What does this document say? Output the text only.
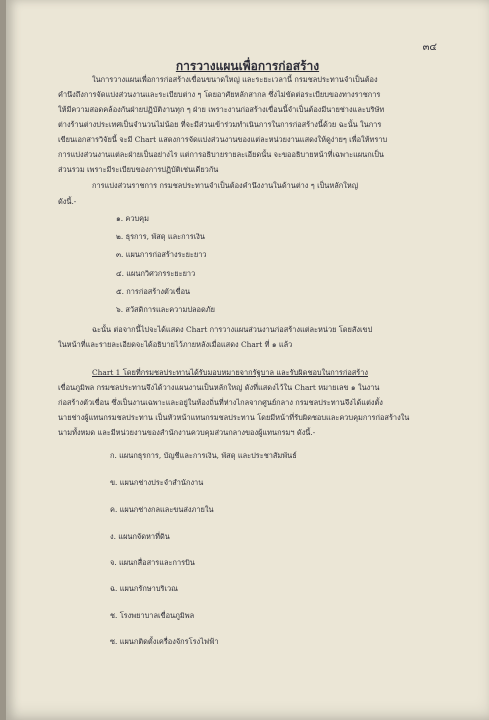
๓๔
การวางแผนเพื่อการก่อสร้าง
ในการวางแผนเพื่อการก่อสร้างเขื่อนขนาดใหญ่ และระยะเวลานี้ กรมชลประทานจำเป็นต้อง
คำนึงถึงการจัดแบ่งส่วนงานและระเบียบต่าง ๆ โดยอาศัยหลักสากล ซึ่งไม่ขัดต่อระเบียบของทางราชการ
ให้มีความสอดคล้องกันฝ่ายปฏิบัติงานทุก ๆ ฝ่าย เพราะงานก่อสร้างเขื่อนนี้จำเป็นต้องมีนายช่างและบริษัท
ต่างร้านต่างประเทศเป็นจำนวนไม่น้อย ที่จะมีส่วนเข้าร่วมทำเนินการในการก่อสร้างนี้ด้วย ฉะนั้น ในการ
เขียนเอกสารวิจัยนี้ จะมี Chart แสดงการจัดแบ่งส่วนงานของแต่ละหน่วยงานแสดงให้ดูง่ายๆ เพื่อให้ทราบ
การแบ่งส่วนงานแต่ละฝ่ายเป็นอย่างไร แต่การอธิบายรายละเอียดนั้น จะขออธิบายหน้าที่เฉพาะแผนกเป็น
ส่วนรวม เพราะมีระเบียบของการปฏิบัติเช่นเดียวกัน
การแบ่งส่วนราชการ กรมชลประทานจำเป็นต้องคำนึงงานในด้านต่าง ๆ เป็นหลักใหญ่
ดังนี้.-
๑. ควบคุม
๒. ธุรการ, พัสดุ และการเงิน
๓. แผนการก่อสร้างระยะยาว
๔. แผนกวิศวกรระยะยาว
๕. การก่อสร้างตัวเขื่อน
๖. สวัสดิการและความปลอดภัย
ฉะนั้น ต่อจากนี้ไปจะได้แสดง Chart การวางแผนส่วนงานก่อสร้างแต่ละหน่วย โดยสังเขป
ในหน้าที่และรายละเอียดจะได้อธิบายไว้ภายหลังเมื่อแสดง Chart ที่ ๑ แล้ว
Chart 1 โดยที่กรมชลประทานได้รับมอบหมายจากรัฐบาล และรับผิดชอบในการก่อสร้าง
เขื่อนภูมิพล กรมชลประทานจึงได้วางแผนงานเป็นหลักใหญ่ ดังที่แสดงไว้ใน Chart หมายเลข ๑ ในงาน
ก่อสร้างตัวเขื่อน ซึ่งเป็นงานเฉพาะและอยู่ในท้องถิ่นที่ห่างไกลจากศูนย์กลาง กรมชลประทานจึงได้แต่งตั้ง
นายช่างผู้แทนกรมชลประทาน เป็นหัวหน้าแทนกรมชลประทาน โดยมีหน้าที่รับผิดชอบและควบคุมการก่อสร้างใน
นามทั้งหมด และมีหน่วยงานของสำนักงานควบคุมส่วนกลางของผู้แทนกรมฯ ดังนี้.-
ก. แผนกธุรการ, บัญชีและการเงิน, พัสดุ และประชาสัมพันธ์
ข. แผนกช่างประจำสำนักงาน
ค. แผนกช่างกลและขนส่งภายใน
ง. แผนกจัดหาที่ดิน
จ. แผนกสื่อสารและการบิน
ฉ. แผนกรักษาบริเวณ
ช. โรงพยาบาลเขื่อนภูมิพล
ซ. แผนกติดตั้งเครื่องจักรโรงไฟฟ้า
